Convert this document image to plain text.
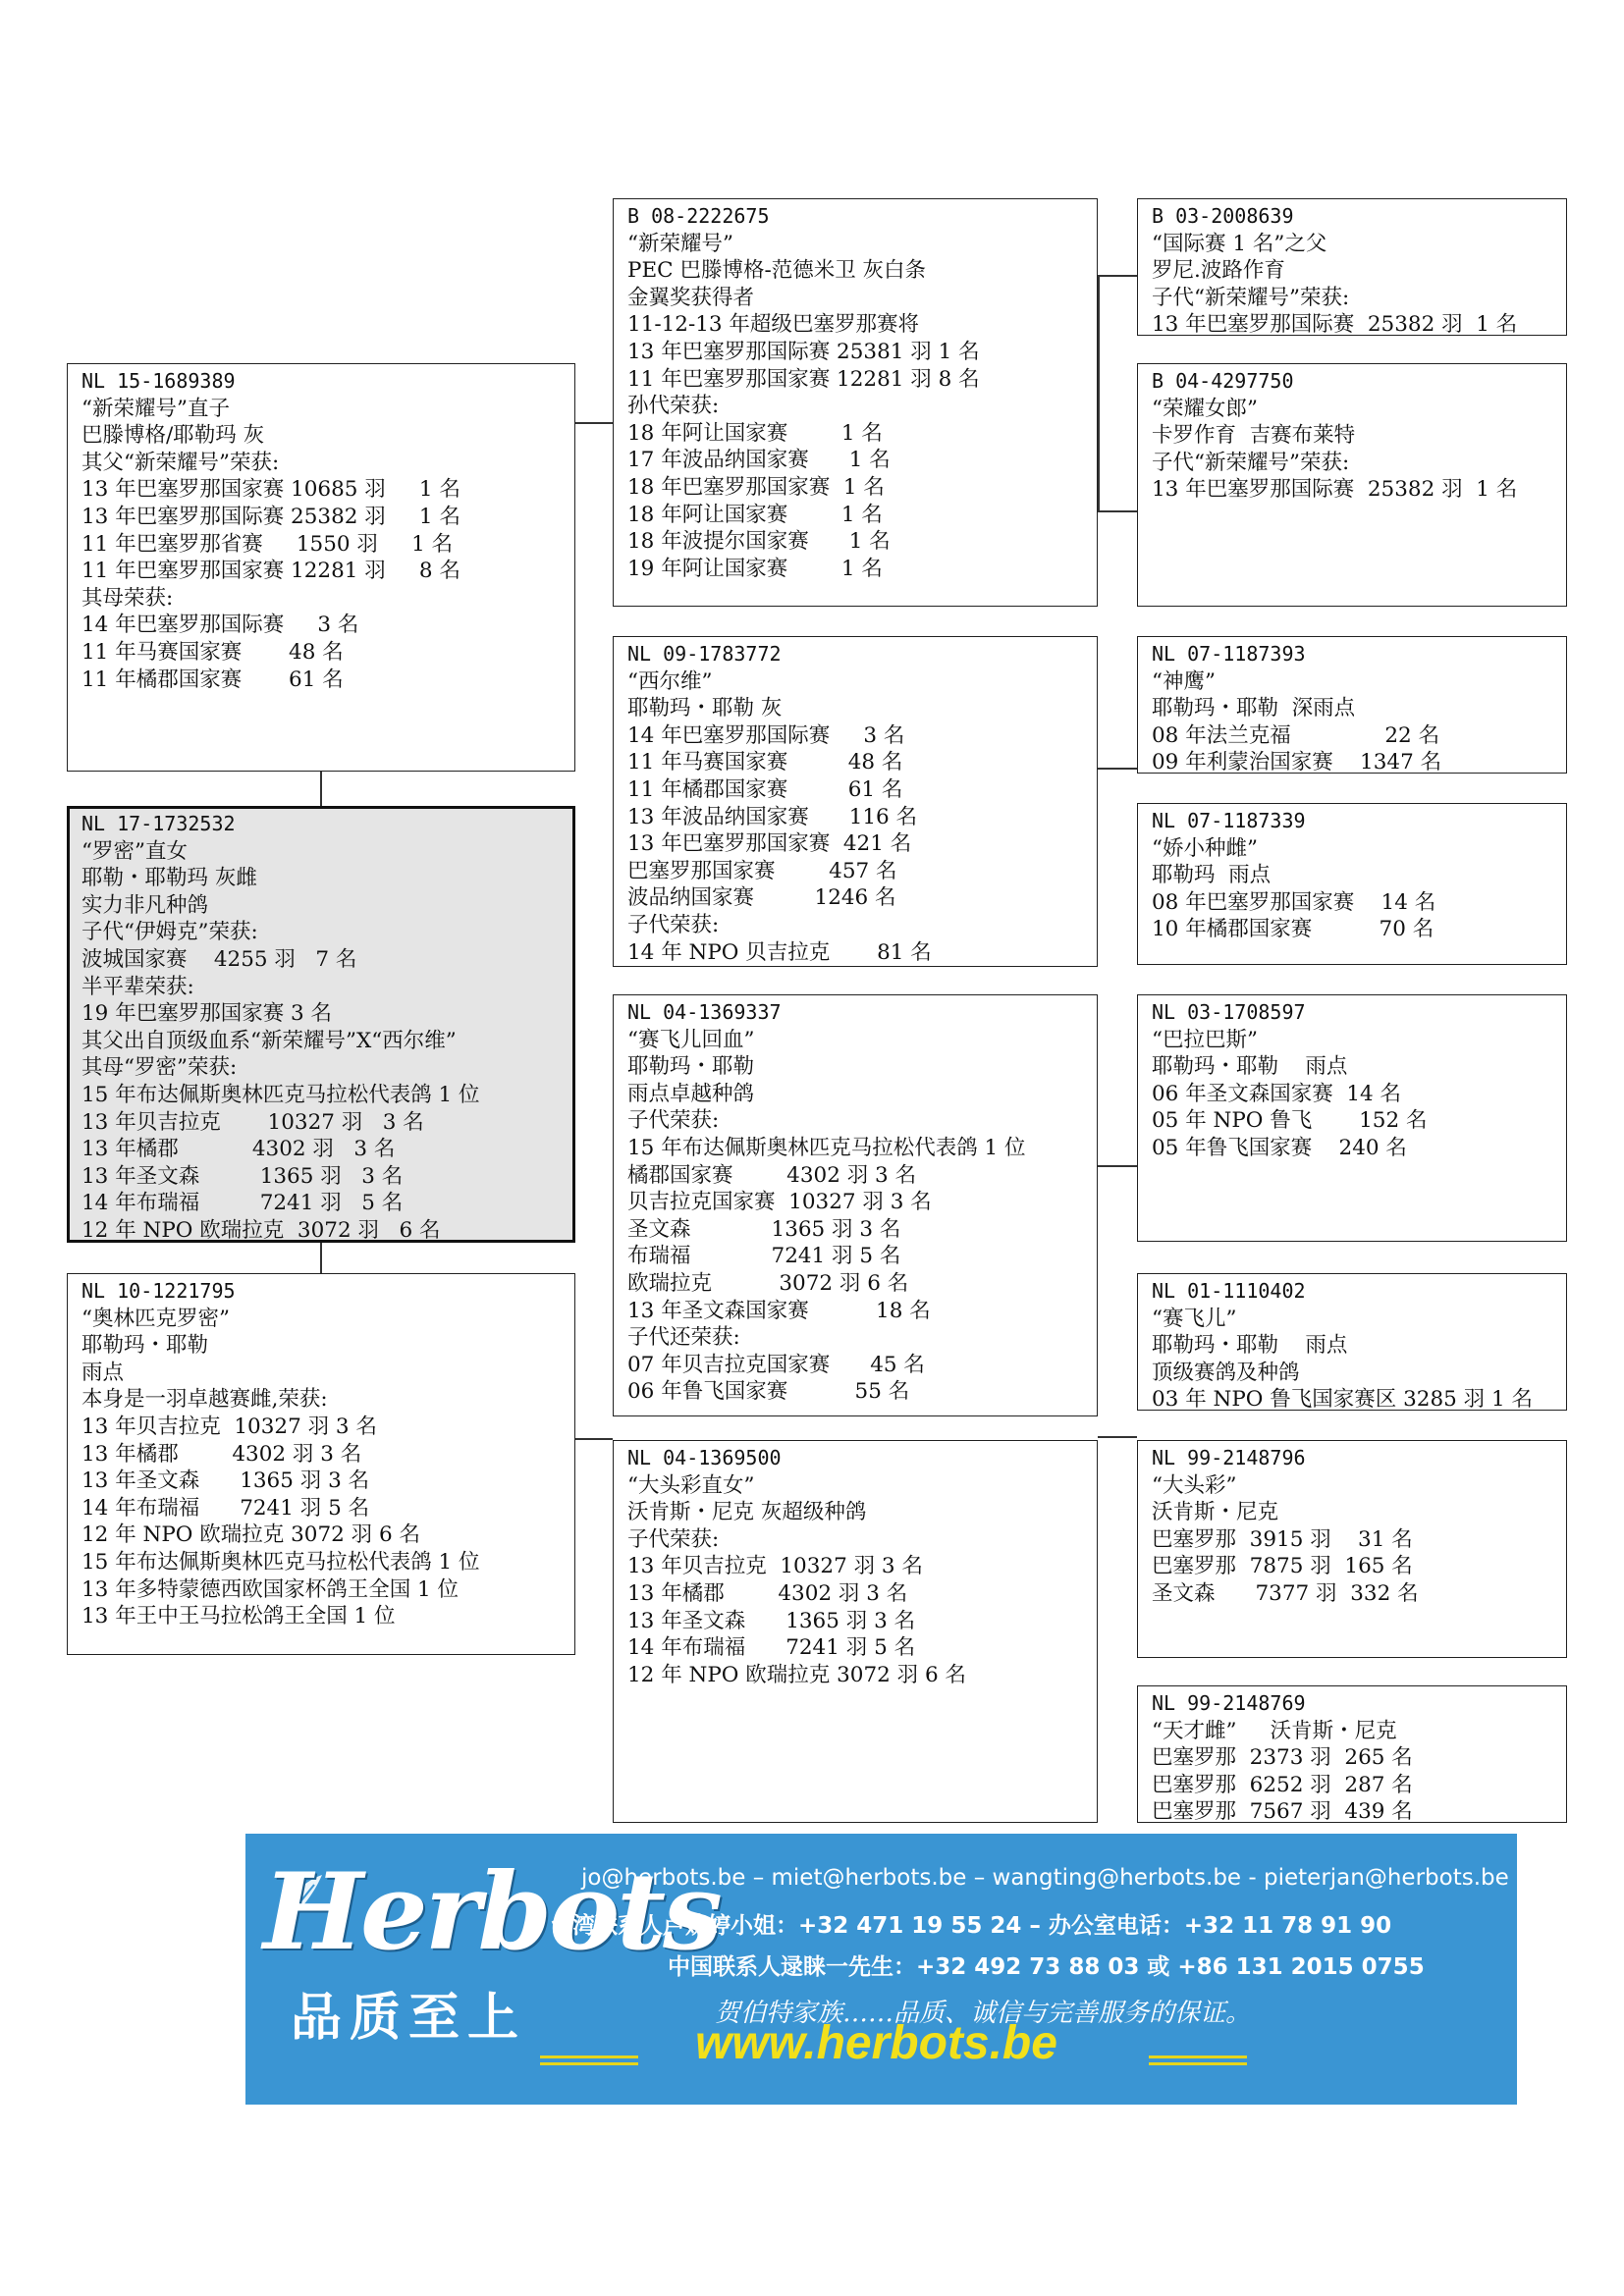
NL 15-1689389
“新荣耀号”直子
巴滕博格/耶勒玛 灰
其父“新荣耀号”荣获:
13 年巴塞罗那国家赛 10685 羽     1 名
13 年巴塞罗那国际赛 25382 羽     1 名
11 年巴塞罗那省赛     1550 羽     1 名
11 年巴塞罗那国家赛 12281 羽     8 名
其母荣获:
14 年巴塞罗那国际赛     3 名
11 年马赛国家赛       48 名
11 年橘郡国家赛       61 名
NL 17-1732532
“罗密”直女
耶勒・耶勒玛 灰雌
实力非凡种鸽
子代“伊姆克”荣获:
波城国家赛    4255 羽   7 名
半平辈荣获:
19 年巴塞罗那国家赛 3 名
其父出自顶级血系“新荣耀号”X“西尔维”
其母“罗密”荣获:
15 年布达佩斯奥林匹克马拉松代表鸽 1 位
13 年贝吉拉克       10327 羽   3 名
13 年橘郡           4302 羽   3 名
13 年圣文森         1365 羽   3 名
14 年布瑞福         7241 羽   5 名
12 年 NPO 欧瑞拉克  3072 羽   6 名
NL 10-1221795
“奥林匹克罗密”
耶勒玛・耶勒
雨点
本身是一羽卓越赛雌,荣获:
13 年贝吉拉克  10327 羽 3 名
13 年橘郡        4302 羽 3 名
13 年圣文森      1365 羽 3 名
14 年布瑞福      7241 羽 5 名
12 年 NPO 欧瑞拉克 3072 羽 6 名
15 年布达佩斯奥林匹克马拉松代表鸽 1 位
13 年多特蒙德西欧国家杯鸽王全国 1 位
13 年王中王马拉松鸽王全国 1 位
B 08-2222675
“新荣耀号”
PEC 巴滕博格-范德米卫 灰白条
金翼奖获得者
11-12-13 年超级巴塞罗那赛将
13 年巴塞罗那国际赛 25381 羽 1 名
11 年巴塞罗那国家赛 12281 羽 8 名
孙代荣获:
18 年阿让国家赛        1 名
17 年波品纳国家赛      1 名
18 年巴塞罗那国家赛  1 名
18 年阿让国家赛        1 名
18 年波提尔国家赛      1 名
19 年阿让国家赛        1 名
NL 09-1783772
“西尔维”
耶勒玛・耶勒 灰
14 年巴塞罗那国际赛     3 名
11 年马赛国家赛         48 名
11 年橘郡国家赛         61 名
13 年波品纳国家赛      116 名
13 年巴塞罗那国家赛  421 名
巴塞罗那国家赛        457 名
波品纳国家赛         1246 名
子代荣获:
14 年 NPO 贝吉拉克       81 名
NL 04-1369337
“赛飞儿回血”
耶勒玛・耶勒
雨点卓越种鸽
子代荣获:
15 年布达佩斯奥林匹克马拉松代表鸽 1 位
橘郡国家赛        4302 羽 3 名
贝吉拉克国家赛  10327 羽 3 名
圣文森            1365 羽 3 名
布瑞福            7241 羽 5 名
欧瑞拉克          3072 羽 6 名
13 年圣文森国家赛          18 名
子代还荣获:
07 年贝吉拉克国家赛      45 名
06 年鲁飞国家赛          55 名
NL 04-1369500
“大头彩直女”
沃肯斯・尼克 灰超级种鸽
子代荣获:
13 年贝吉拉克  10327 羽 3 名
13 年橘郡        4302 羽 3 名
13 年圣文森      1365 羽 3 名
14 年布瑞福      7241 羽 5 名
12 年 NPO 欧瑞拉克 3072 羽 6 名
B 03-2008639
“国际赛 1 名”之父
罗尼.波路作育
子代“新荣耀号”荣获:
13 年巴塞罗那国际赛  25382 羽  1 名
B 04-4297750
“荣耀女郎”
卡罗作育  吉赛布莱特
子代“新荣耀号”荣获:
13 年巴塞罗那国际赛  25382 羽  1 名
NL 07-1187393
“神鹰”
耶勒玛・耶勒  深雨点
08 年法兰克福              22 名
09 年利蒙治国家赛    1347 名
NL 07-1187339
“娇小种雌”
耶勒玛  雨点
08 年巴塞罗那国家赛    14 名
10 年橘郡国家赛          70 名
NL 03-1708597
“巴拉巴斯”
耶勒玛・耶勒    雨点
06 年圣文森国家赛  14 名
05 年 NPO 鲁飞       152 名
05 年鲁飞国家赛    240 名
NL 01-1110402
“赛飞儿”
耶勒玛・耶勒    雨点
顶级赛鸽及种鸽
03 年 NPO 鲁飞国家赛区 3285 羽 1 名
NL 99-2148796
“大头彩”
沃肯斯・尼克
巴塞罗那  3915 羽    31 名
巴塞罗那  7875 羽  165 名
圣文森      7377 羽  332 名
NL 99-2148769
“天才雌”     沃肯斯・尼克
巴塞罗那  2373 羽  265 名
巴塞罗那  6252 羽  287 名
巴塞罗那  7567 羽  439 名
Herbots
品质至上
jo@herbots.be – miet@herbots.be – wangting@herbots.be - pieterjan@herbots.be
台湾联系人卢婉婷小姐：+32 471 19 55 24 – 办公室电话：+32 11 78 91 90
中国联系人逯睐一先生：+32 492 73 88 03 或 +86 131 2015 0755
贺伯特家族……品质、诚信与完善服务的保证。
www.herbots.be
